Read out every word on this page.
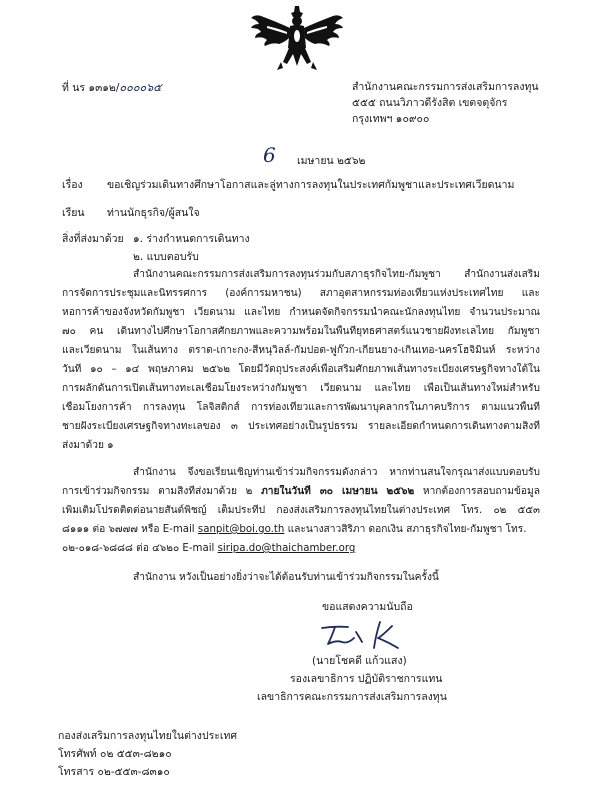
ที่ นร ๑๓๑๒/๐๐๐๐๖๕	สำนักงานคณะกรรมการส่งเสริมการลงทุน
๕๕๕ ถนนวิภาวดีรังสิต เขตจตุจักร
กรุงเทพฯ ๑๐๙๐๐
6 เมษายน ๒๕๖๒
เรื่อง ขอเชิญร่วมเดินทางศึกษาโอกาสและลู่ทางการลงทุนในประเทศกัมพูชาและประเทศเวียดนาม
เรียน ท่านนักธุรกิจ/ผู้สนใจ
สิ่งที่ส่งมาด้วย ๑. ร่างกำหนดการเดินทาง
๒. แบบตอบรับ
สำนักงานคณะกรรมการส่งเสริมการลงทุนร่วมกับสภาธุรกิจไทย-กัมพูชา สำนักงานส่งเสริม
การจัดการประชุมและนิทรรศการ (องค์การมหาชน) สภาอุตสาหกรรมท่องเที่ยวแห่งประเทศไทย และ
หอการค้าของจังหวัดกัมพูชา เวียดนาม และไทย กำหนดจัดกิจกรรมนำคณะนักลงทุนไทย จำนวนประมาณ
๗๐ คน เดินทางไปศึกษาโอกาสศักยภาพและความพร้อมในพื้นที่ยุทธศาสตร์แนวชายฝั่งทะเลไทย กัมพูชา
และเวียดนาม ในเส้นทาง ตราด-เกาะกง-สีหนุวิลล์-กัมปอต-ฟูก๊วก-เกียนยาง-เกิ่นเทอ-นครโฮจิมินห์ ระหว่าง
วันที่ ๑๐ – ๑๔ พฤษภาคม ๒๕๖๒ โดยมีวัตถุประสงค์เพื่อเสริมศักยภาพเส้นทางระเบียงเศรษฐกิจทางใต้ใน
การผลักดันการเปิดเส้นทางทะเลเชื่อมโยงระหว่างกัมพูชา เวียดนาม และไทย เพื่อเป็นเส้นทางใหม่สำหรับ
เชื่อมโยงการค้า การลงทุน โลจิสติกส์ การท่องเที่ยวและการพัฒนาบุคลากรในภาคบริการ ตามแนวพื้นที่
ชายฝั่งระเบียงเศรษฐกิจทางทะเลของ ๓ ประเทศอย่างเป็นรูปธรรม รายละเอียดกำหนดการเดินทางตามสิ่งที่
ส่งมาด้วย ๑
สำนักงาน จึงขอเรียนเชิญท่านเข้าร่วมกิจกรรมดังกล่าว หากท่านสนใจกรุณาส่งแบบตอบรับ
การเข้าร่วมกิจกรรม ตามสิ่งที่ส่งมาด้วย ๒ ภายในวันที่ ๓๐ เมษายน ๒๕๖๒ หากต้องการสอบถามข้อมูล
เพิ่มเติมโปรดติดต่อนายสันต์พิชญ์ เต็มประทีป กองส่งเสริมการลงทุนไทยในต่างประเทศ โทร. ๐๒ ๕๕๓
๘๑๑๑ ต่อ ๖๗๗๗ หรือ E-mail sanpit@boi.go.th และนางสาวสิริภา ดอกเงิน สภาธุรกิจไทย-กัมพูชา โทร.
๐๒-๐๑๘-๖๘๘๘ ต่อ ๔๖๒๐ E-mail siripa.do@thaichamber.org
สำนักงาน หวังเป็นอย่างยิ่งว่าจะได้ต้อนรับท่านเข้าร่วมกิจกรรมในครั้งนี้
ขอแสดงความนับถือ
(นายโชคดี แก้วแสง)
รองเลขาธิการ ปฏิบัติราชการแทน
เลขาธิการคณะกรรมการส่งเสริมการลงทุน
กองส่งเสริมการลงทุนไทยในต่างประเทศ
โทรศัพท์ ๐๒ ๕๕๓-๘๒๑๐
โทรสาร ๐๒-๕๕๓-๘๓๑๐
